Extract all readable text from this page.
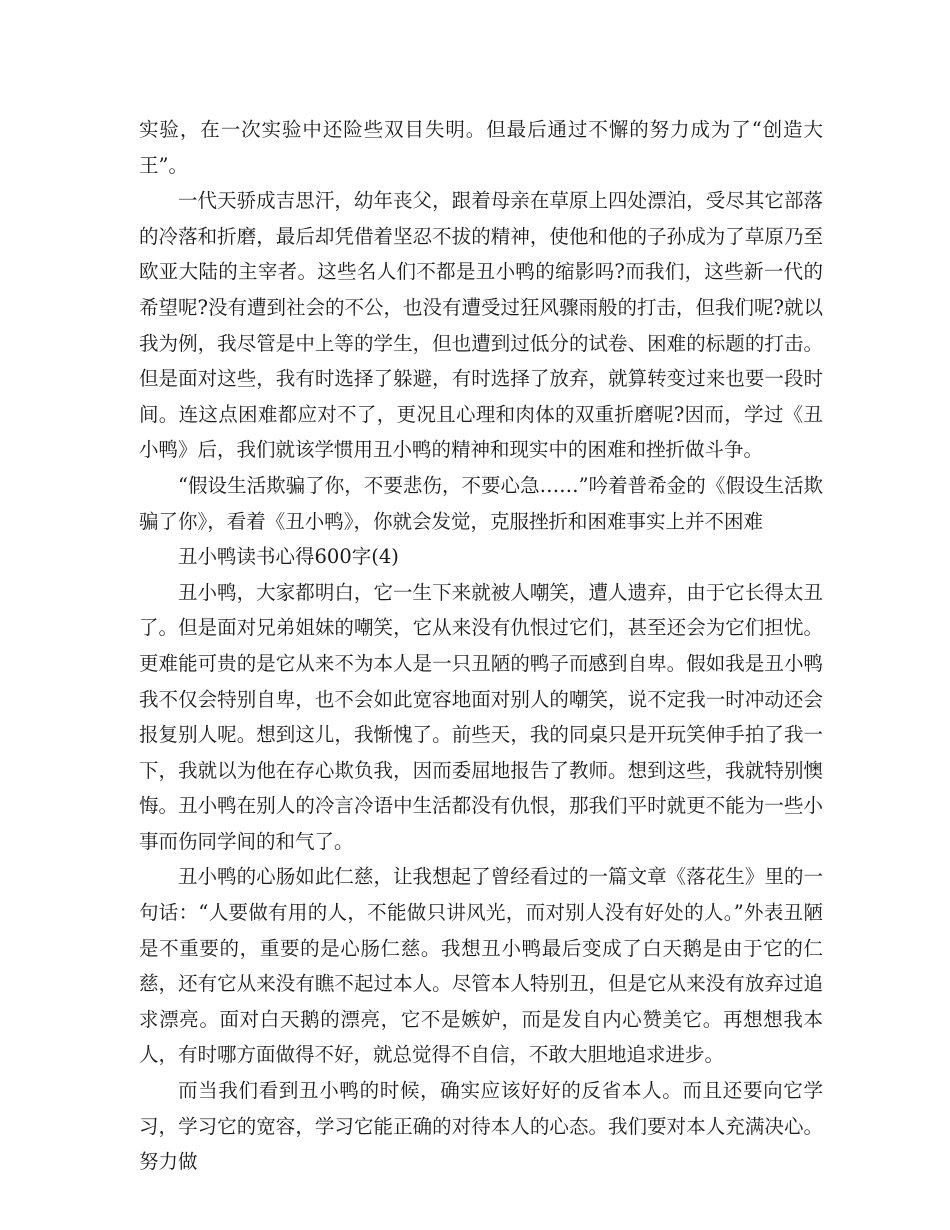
实验，在一次实验中还险些双目失明。但最后通过不懈的努力成为了“创造大王”。

一代天骄成吉思汗，幼年丧父，跟着母亲在草原上四处漂泊，受尽其它部落的冷落和折磨，最后却凭借着坚忍不拔的精神，使他和他的子孙成为了草原乃至欧亚大陆的主宰者。这些名人们不都是丑小鸭的缩影吗?而我们，这些新一代的希望呢?没有遭到社会的不公，也没有遭受过狂风骤雨般的打击，但我们呢?就以我为例，我尽管是中上等的学生，但也遭到过低分的试卷、困难的标题的打击。但是面对这些，我有时选择了躲避，有时选择了放弃，就算转变过来也要一段时间。连这点困难都应对不了，更况且心理和肉体的双重折磨呢?因而，学过《丑小鸭》后，我们就该学惯用丑小鸭的精神和现实中的困难和挫折做斗争。

“假设生活欺骗了你，不要悲伤，不要心急……”吟着普希金的《假设生活欺骗了你》，看着《丑小鸭》，你就会发觉，克服挫折和困难事实上并不困难

丑小鸭读书心得600字(4)

丑小鸭，大家都明白，它一生下来就被人嘲笑，遭人遗弃，由于它长得太丑了。但是面对兄弟姐妹的嘲笑，它从来没有仇恨过它们，甚至还会为它们担忧。更难能可贵的是它从来不为本人是一只丑陋的鸭子而感到自卑。假如我是丑小鸭我不仅会特别自卑，也不会如此宽容地面对别人的嘲笑，说不定我一时冲动还会报复别人呢。想到这儿，我惭愧了。前些天，我的同桌只是开玩笑伸手拍了我一下，我就以为他在存心欺负我，因而委屈地报告了教师。想到这些，我就特别懊悔。丑小鸭在别人的冷言冷语中生活都没有仇恨，那我们平时就更不能为一些小事而伤同学间的和气了。

丑小鸭的心肠如此仁慈，让我想起了曾经看过的一篇文章《落花生》里的一句话：“人要做有用的人，不能做只讲风光，而对别人没有好处的人。”外表丑陋是不重要的，重要的是心肠仁慈。我想丑小鸭最后变成了白天鹅是由于它的仁慈，还有它从来没有瞧不起过本人。尽管本人特别丑，但是它从来没有放弃过追求漂亮。面对白天鹅的漂亮，它不是嫉妒，而是发自内心赞美它。再想想我本人，有时哪方面做得不好，就总觉得不自信，不敢大胆地追求进步。

而当我们看到丑小鸭的时候，确实应该好好的反省本人。而且还要向它学习，学习它的宽容，学习它能正确的对待本人的心态。我们要对本人充满决心。努力做
